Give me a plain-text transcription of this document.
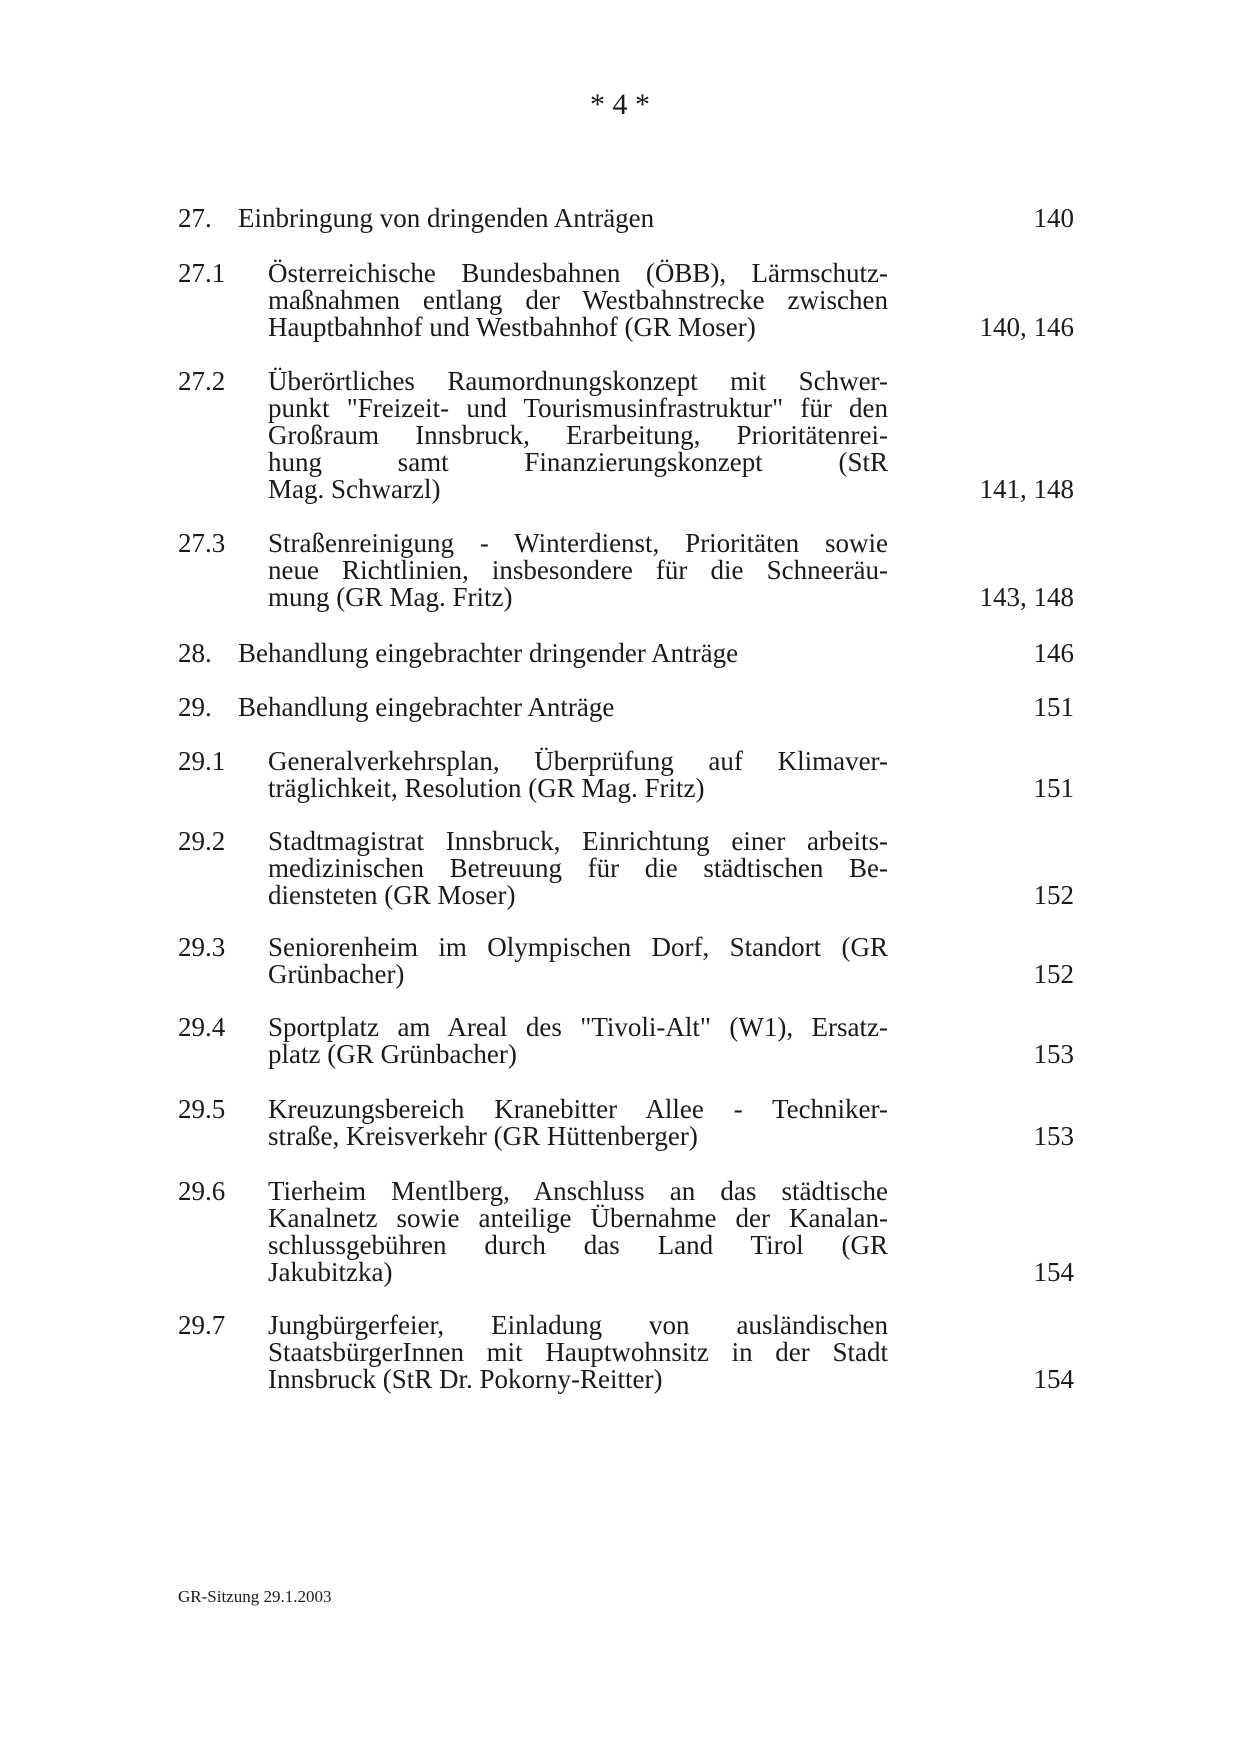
* 4 *
27. Einbringung von dringenden Anträgen	140
27.1 Österreichische Bundesbahnen (ÖBB), Lärmschutz-
maßnahmen entlang der Westbahnstrecke zwischen
Hauptbahnhof und Westbahnhof (GR Moser)	140, 146
27.2 Überörtliches Raumordnungskonzept mit Schwer-
punkt "Freizeit- und Tourismusinfrastruktur" für den
Großraum Innsbruck, Erarbeitung, Prioritätenrei-
hung samt Finanzierungskonzept (StR
Mag. Schwarzl)	141, 148
27.3 Straßenreinigung - Winterdienst, Prioritäten sowie
neue Richtlinien, insbesondere für die Schneeräu-
mung (GR Mag. Fritz)	143, 148
28. Behandlung eingebrachter dringender Anträge	146
29. Behandlung eingebrachter Anträge	151
29.1 Generalverkehrsplan, Überprüfung auf Klimaver-
träglichkeit, Resolution (GR Mag. Fritz)	151
29.2 Stadtmagistrat Innsbruck, Einrichtung einer arbeits-
medizinischen Betreuung für die städtischen Be-
diensteten (GR Moser)	152
29.3 Seniorenheim im Olympischen Dorf, Standort (GR
Grünbacher)	152
29.4 Sportplatz am Areal des "Tivoli-Alt" (W1), Ersatz-
platz (GR Grünbacher)	153
29.5 Kreuzungsbereich Kranebitter Allee - Techniker-
straße, Kreisverkehr (GR Hüttenberger)	153
29.6 Tierheim Mentlberg, Anschluss an das städtische
Kanalnetz sowie anteilige Übernahme der Kanalan-
schlussgebühren durch das Land Tirol (GR
Jakubitzka)	154
29.7 Jungbürgerfeier, Einladung von ausländischen
StaatsbürgerInnen mit Hauptwohnsitz in der Stadt
Innsbruck (StR Dr. Pokorny-Reitter)	154
GR-Sitzung 29.1.2003
